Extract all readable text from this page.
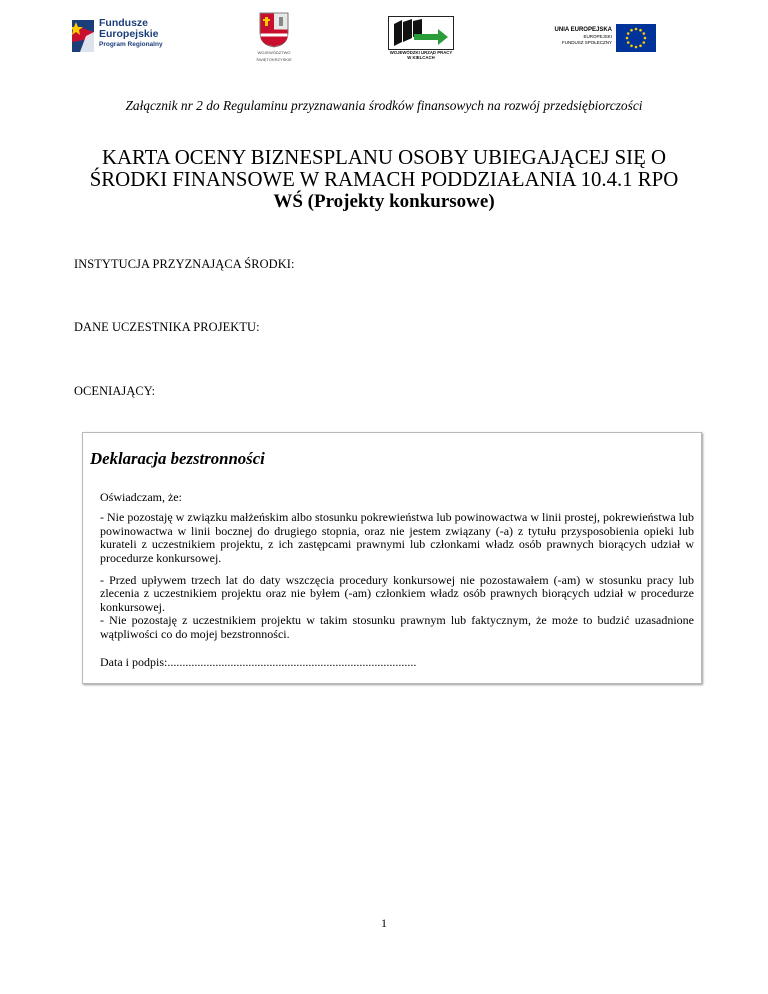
Fundusze
Europejskie
Program Regionalny
WOJEWÓDZTWO
ŚWIĘTOKRZYSKIE
WOJEWÓDZKI URZĄD PRACY
W KIELCACH
UNIA EUROPEJSKA
EUROPEJSKI
FUNDUSZ SPOŁECZNY
Załącznik nr 2 do Regulaminu przyznawania środków finansowych na rozwój przedsiębiorczości
KARTA OCENY BIZNESPLANU OSOBY UBIEGAJĄCEJ SIĘ O
ŚRODKI FINANSOWE W RAMACH PODDZIAŁANIA 10.4.1 RPO
WŚ (Projekty konkursowe)
INSTYTUCJA PRZYZNAJĄCA ŚRODKI:
DANE UCZESTNIKA PROJEKTU:
OCENIAJĄCY:
Deklaracja bezstronności

Oświadczam, że:

- Nie pozostaję w związku małżeńskim albo stosunku pokrewieństwa lub powinowactwa w linii prostej, pokrewieństwa lub powinowactwa w linii bocznej do drugiego stopnia, oraz nie jestem związany (-a) z tytułu przysposobienia opieki lub kurateli z uczestnikiem projektu, z ich zastępcami prawnymi lub członkami władz osób prawnych biorących udział w procedurze konkursowej.

- Przed upływem trzech lat do daty wszczęcia procedury konkursowej nie pozostawałem (-am) w stosunku pracy lub zlecenia z uczestnikiem projektu oraz nie byłem (-am) członkiem władz osób prawnych biorących udział w procedurze konkursowej.

- Nie pozostaję z uczestnikiem projektu w takim stosunku prawnym lub faktycznym, że może to budzić uzasadnione wątpliwości co do mojej bezstronności.

Data i podpis:...................................................................................
1
